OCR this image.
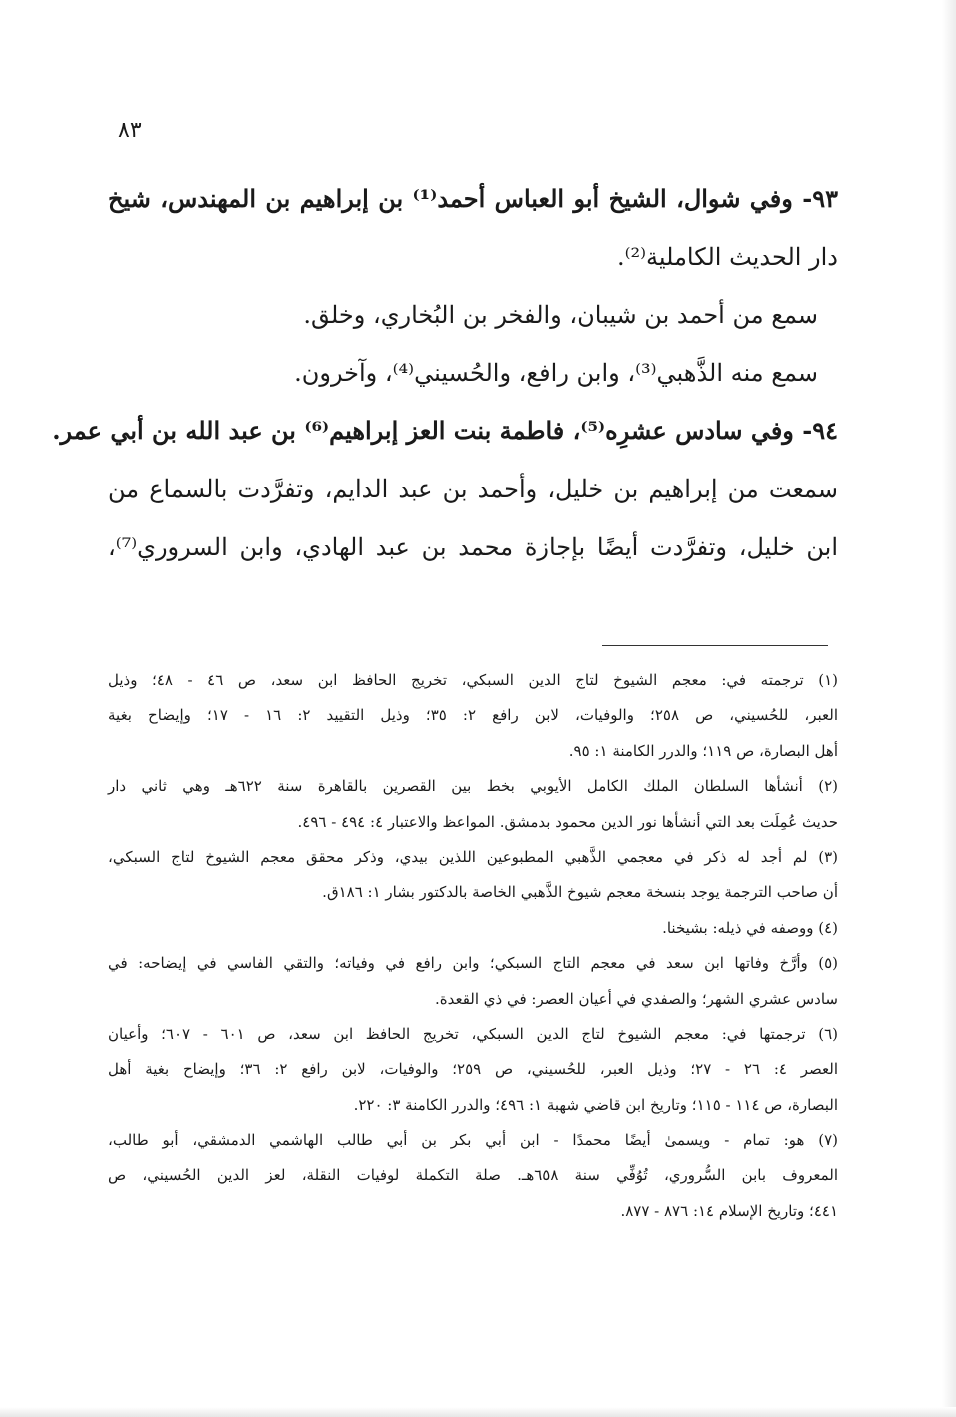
٨٣
٩٣- وفي شوال، الشيخ أبو العباس أحمد⁽¹⁾ بن إبراهيم بن المهندس، شيخ
دار الحديث الكاملية⁽²⁾.
سمع من أحمد بن شيبان، والفخر بن البُخاري، وخلق.
سمع منه الذَّهبي⁽³⁾، وابن رافع، والحُسيني⁽⁴⁾، وآخرون.
٩٤- وفي سادس عشرِه⁽⁵⁾، فاطمة بنت العز إبراهيم⁽⁶⁾ بن عبد الله بن أبي عمر.
سمعت من إبراهيم بن خليل، وأحمد بن عبد الدايم، وتفرَّدت بالسماع من
ابن خليل، وتفرَّدت أيضًا بإجازة محمد بن عبد الهادي، وابن السروري⁽⁷⁾،
(١) ترجمته في: معجم الشيوخ لتاج الدين السبكي، تخريج الحافظ ابن سعد، ص ٤٦ - ٤٨؛ وذيل
العبر، للحُسيني، ص ٢٥٨؛ والوفيات، لابن رافع ٢: ٣٥؛ وذيل التقييد ٢: ١٦ - ١٧؛ وإيضاح بغية
أهل البصارة، ص ١١٩؛ والدرر الكامنة ١: ٩٥.
(٢) أنشأها السلطان الملك الكامل الأيوبي بخط بين القصرين بالقاهرة سنة ٦٢٢هـ وهي ثاني دار
حديث عُمِلَت بعد التي أنشأها نور الدين محمود بدمشق. المواعظ والاعتبار ٤: ٤٩٤ - ٤٩٦.
(٣) لم أجد له ذكر في معجمي الذَّهبي المطبوعين اللذين بيدي، وذكر محقق معجم الشيوخ لتاج السبكي،
أن صاحب الترجمة يوجد بنسخة معجم شيوخ الذَّهبي الخاصة بالدكتور بشار ١: ١٨٦ق.
(٤) ووصفه في ذيله: بشيخنا.
(٥) وأرَّخ وفاتها ابن سعد في معجم التاج السبكي؛ وابن رافع في وفياته؛ والتقي الفاسي في إيضاحه: في
سادس عشري الشهر؛ والصفدي في أعيان العصر: في ذي القعدة.
(٦) ترجمتها في: معجم الشيوخ لتاج الدين السبكي، تخريج الحافظ ابن سعد، ص ٦٠١ - ٦٠٧؛ وأعيان
العصر ٤: ٢٦ - ٢٧؛ وذيل العبر، للحُسيني، ص ٢٥٩؛ والوفيات، لابن رافع ٢: ٣٦؛ وإيضاح بغية أهل
البصارة، ص ١١٤ - ١١٥؛ وتاريخ ابن قاضي شهبة ١: ٤٩٦؛ والدرر الكامنة ٣: ٢٢٠.
(٧) هو: تمام - ويسمىٰ أيضًا محمدًا - ابن أبي بكر بن أبي طالب الهاشمي الدمشقي، أبو طالب،
المعروف بابن السُّروري، تُوُفِّي سنة ٦٥٨هـ. صلة التكملة لوفيات النقلة، لعز الدين الحُسيني، ص
٤٤١؛ وتاريخ الإسلام ١٤: ٨٧٦ - ٨٧٧.
